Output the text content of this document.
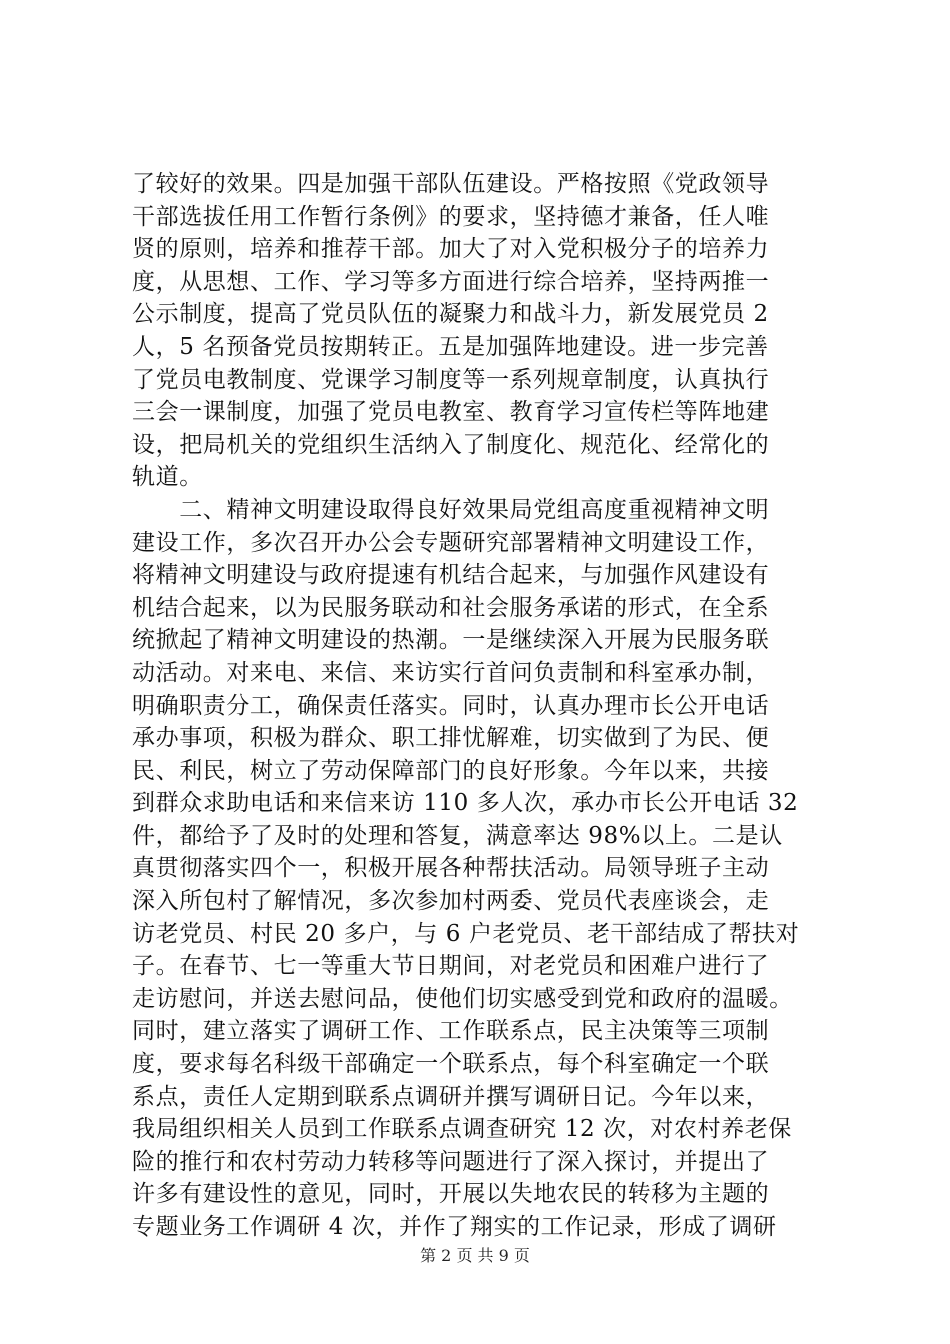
了较好的效果。四是加强干部队伍建设。严格按照《党政领导
干部选拔任用工作暂行条例》的要求，坚持德才兼备，任人唯
贤的原则，培养和推荐干部。加大了对入党积极分子的培养力
度，从思想、工作、学习等多方面进行综合培养，坚持两推一
公示制度，提高了党员队伍的凝聚力和战斗力，新发展党员 2
人，5 名预备党员按期转正。五是加强阵地建设。进一步完善
了党员电教制度、党课学习制度等一系列规章制度，认真执行
三会一课制度，加强了党员电教室、教育学习宣传栏等阵地建
设，把局机关的党组织生活纳入了制度化、规范化、经常化的
轨道。
　　二、精神文明建设取得良好效果局党组高度重视精神文明
建设工作，多次召开办公会专题研究部署精神文明建设工作，
将精神文明建设与政府提速有机结合起来，与加强作风建设有
机结合起来，以为民服务联动和社会服务承诺的形式，在全系
统掀起了精神文明建设的热潮。一是继续深入开展为民服务联
动活动。对来电、来信、来访实行首问负责制和科室承办制，
明确职责分工，确保责任落实。同时，认真办理市长公开电话
承办事项，积极为群众、职工排忧解难，切实做到了为民、便
民、利民，树立了劳动保障部门的良好形象。今年以来，共接
到群众求助电话和来信来访 110 多人次，承办市长公开电话 32
件，都给予了及时的处理和答复，满意率达 98%以上。二是认
真贯彻落实四个一，积极开展各种帮扶活动。局领导班子主动
深入所包村了解情况，多次参加村两委、党员代表座谈会，走
访老党员、村民 20 多户，与 6 户老党员、老干部结成了帮扶对
子。在春节、七一等重大节日期间，对老党员和困难户进行了
走访慰问，并送去慰问品，使他们切实感受到党和政府的温暖。
同时，建立落实了调研工作、工作联系点，民主决策等三项制
度，要求每名科级干部确定一个联系点，每个科室确定一个联
系点，责任人定期到联系点调研并撰写调研日记。今年以来，
我局组织相关人员到工作联系点调查研究 12 次，对农村养老保
险的推行和农村劳动力转移等问题进行了深入探讨，并提出了
许多有建设性的意见，同时，开展以失地农民的转移为主题的
专题业务工作调研 4 次，并作了翔实的工作记录，形成了调研
第 2 页 共 9 页
